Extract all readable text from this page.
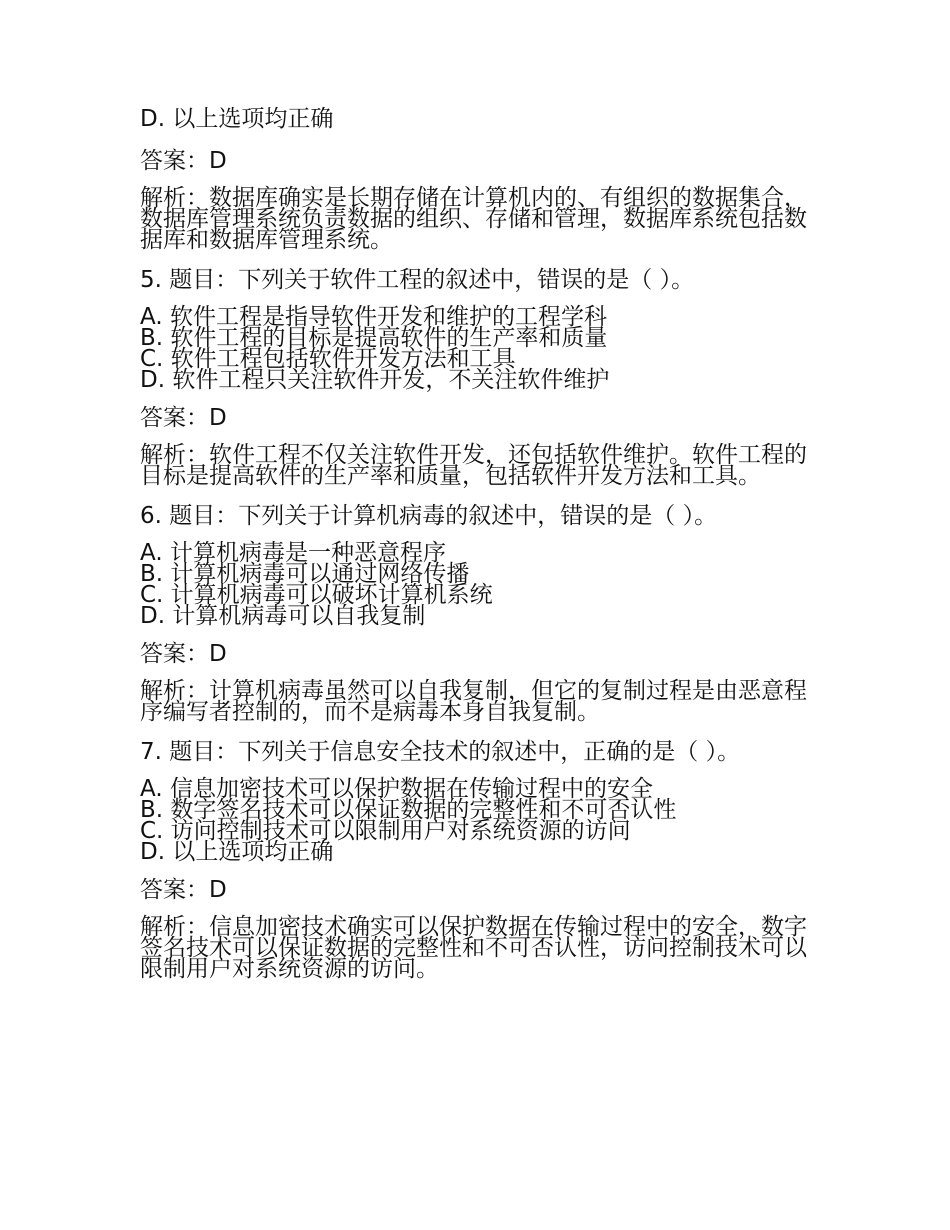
D. 以上选项均正确

答案：D

解析：数据库确实是长期存储在计算机内的、有组织的数据集合，数据库管理系统负责数据的组织、存储和管理，数据库系统包括数据库和数据库管理系统。

5. 题目：下列关于软件工程的叙述中，错误的是（ ）。

A. 软件工程是指导软件开发和维护的工程学科

B. 软件工程的目标是提高软件的生产率和质量

C. 软件工程包括软件开发方法和工具

D. 软件工程只关注软件开发，不关注软件维护

答案：D

解析：软件工程不仅关注软件开发，还包括软件维护。软件工程的目标是提高软件的生产率和质量，包括软件开发方法和工具。

6. 题目：下列关于计算机病毒的叙述中，错误的是（ ）。

A. 计算机病毒是一种恶意程序

B. 计算机病毒可以通过网络传播

C. 计算机病毒可以破坏计算机系统

D. 计算机病毒可以自我复制

答案：D

解析：计算机病毒虽然可以自我复制，但它的复制过程是由恶意程序编写者控制的，而不是病毒本身自我复制。

7. 题目：下列关于信息安全技术的叙述中，正确的是（ ）。

A. 信息加密技术可以保护数据在传输过程中的安全

B. 数字签名技术可以保证数据的完整性和不可否认性

C. 访问控制技术可以限制用户对系统资源的访问

D. 以上选项均正确

答案：D

解析：信息加密技术确实可以保护数据在传输过程中的安全，数字签名技术可以保证数据的完整性和不可否认性，访问控制技术可以限制用户对系统资源的访问。
